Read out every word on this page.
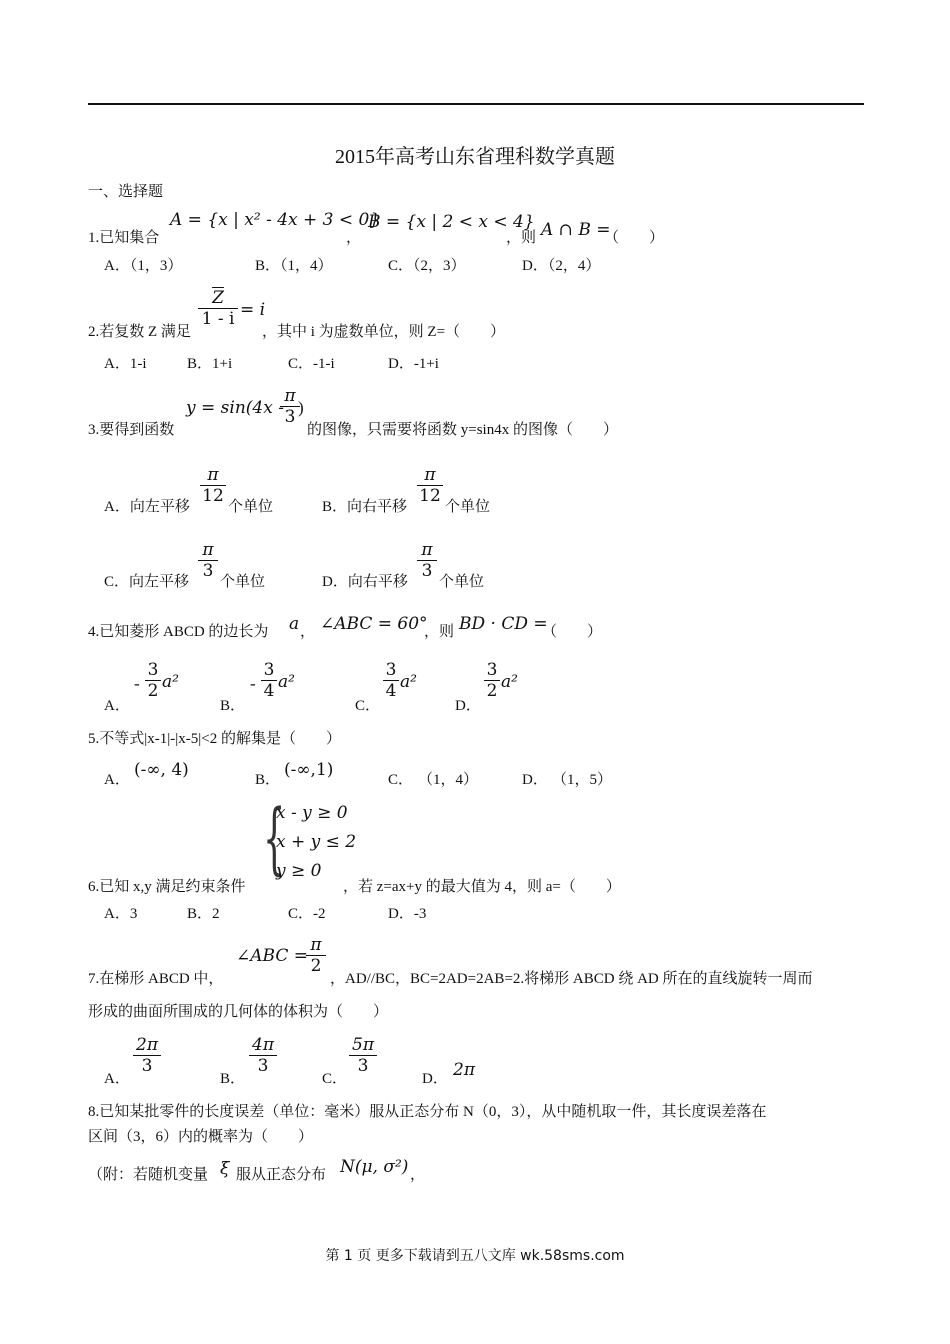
2015年高考山东省理科数学真题
一、选择题
1.已知集合
A = {x | x² - 4x + 3 < 0}
，
B = {x | 2 < x < 4}
，则 A ∩ B =
（　　）
A．（1，3）	B．（1，4）	C．（2，3）	D．（2，4）
2.若复数 Z 满足
$\frac{\overline{Z}}{1 - i} = i$
，其中 i 为虚数单位，则 Z=（　　）
A．1-i	B．1+i	C．-1-i	D．-1+i
3.要得到函数
y = sin(4x -
$\frac{\pi}{3}$
)
的图像，只需要将函数 y=sin4x 的图像（　　）
A．向左平移
$\frac{\pi}{12}$
个单位	B．向右平移
$\frac{\pi}{12}$
个单位
C．向左平移
$\frac{\pi}{3}$
个单位	D．向右平移
$\frac{\pi}{3}$
个单位
4.已知菱形 ABCD 的边长为 a ， ∠ABC = 60°
，则 BD · CD =
（　　）
A．
- $\frac{3}{2} a^2$
B．
- $\frac{3}{4} a^2$
C．
$\frac{3}{4} a^2$
D．
$\frac{3}{2} a^2$
5.不等式|x-1|-|x-5|<2 的解集是（　　）
A． (-∞, 4)	B． (-∞,1)	C． （1，4）	D． （1，5）
6.已知 x,y 满足约束条件
{
x - y ≥ 0
x + y ≤ 2
y ≥ 0
，若 z=ax+y 的最大值为 4，则 a=（　　）
A．3	B．2	C．-2	D．-3
7.在梯形 ABCD 中，
∠ABC =
$\frac{\pi}{2}$
，AD//BC，BC=2AD=2AB=2.将梯形 ABCD 绕 AD 所在的直线旋转一周而
形成的曲面所围成的几何体的体积为（　　）
A．
$\frac{2\pi}{3}$
B．
$\frac{4\pi}{3}$
C．
$\frac{5\pi}{3}$
D． 2π
8.已知某批零件的长度误差（单位：毫米）服从正态分布 N（0，3），从中随机取一件，其长度误差落在
区间（3，6）内的概率为（　　）
（附：若随机变量 ξ 服从正态分布 N(μ, σ²) ，
第 1 页 更多下载请到五八文库 wk.58sms.com
